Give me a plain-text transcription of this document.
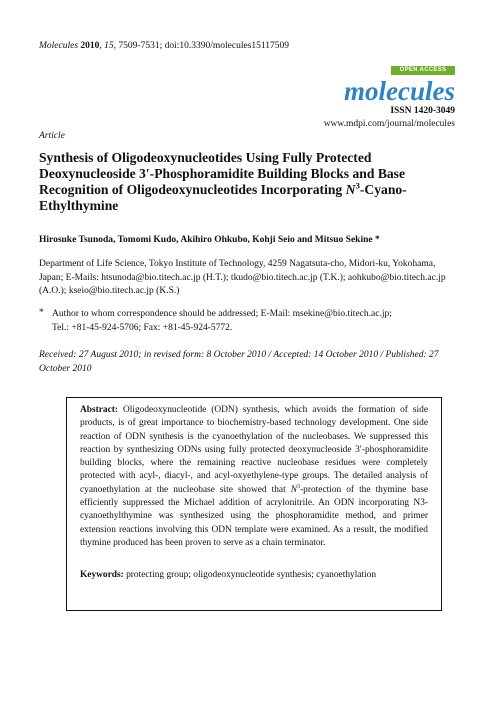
Molecules 2010, 15, 7509-7531; doi:10.3390/molecules15117509
OPEN ACCESS
molecules
ISSN 1420-3049
www.mdpi.com/journal/molecules
Article
Synthesis of Oligodeoxynucleotides Using Fully Protected Deoxynucleoside 3′-Phosphoramidite Building Blocks and Base Recognition of Oligodeoxynucleotides Incorporating $N^3-Cyano$-Ethylthymine
Hirosuke Tsunoda, Tomomi Kudo, Akihiro Ohkubo, Kohji Seio and Mitsuo Sekine *
Department of Life Science, Tokyo Institute of Technology, 4259 Nagatsuta-cho, Midori-ku, Yokohama, Japan; E-Mails: htsunoda@bio.titech.ac.jp (H.T.); tkudo@bio.titech.ac.jp (T.K.); aohkubo@bio.titech.ac.jp (A.O.); kseio@bio.titech.ac.jp (K.S.)
* Author to whom correspondence should be addressed; E-Mail: msekine@bio.titech.ac.jp;
Tel.: +81-45-924-5706; Fax: +81-45-924-5772.
Received: 27 August 2010; in revised form: 8 October 2010 / Accepted: 14 October 2010 / Published: 27 October 2010

Abstract: Oligodeoxynucleotide (ODN) synthesis, which avoids the formation of side products, is of great importance to biochemistry-based technology development. One side reaction of ODN synthesis is the cyanoethylation of the nucleobases. We suppressed this reaction by synthesizing ODNs using fully protected deoxynucleoside 3′-phosphoramidite building blocks, where the remaining reactive nucleobase residues were completely protected with acyl-, diacyl-, and acyl-oxyethylene-type groups. The detailed analysis of cyanoethylation at the nucleobase site showed that $N^3$-protection of the thymine base efficiently suppressed the Michael addition of acrylonitrile. An ODN incorporating N3-cyanoethylthymine was synthesized using the phosphoramidite method, and primer extension reactions involving this ODN template were examined. As a result, the modified thymine produced has been proven to serve as a chain terminator.

Keywords: protecting group; oligodeoxynucleotide synthesis; cyanoethylation
